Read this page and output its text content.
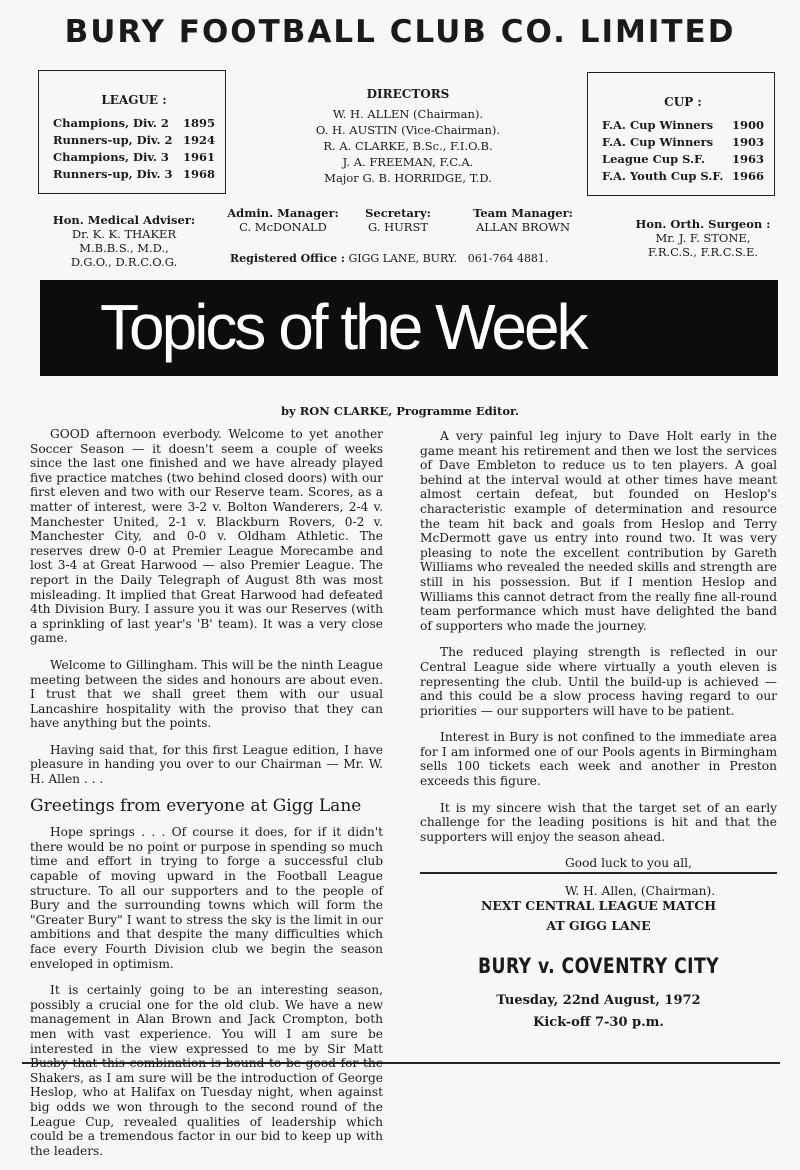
BURY FOOTBALL CLUB CO. LIMITED
LEAGUE :
Champions, Div. 2 1895
Runners-up, Div. 2 1924
Champions, Div. 3 1961
Runners-up, Div. 3 1968
DIRECTORS
W. H. ALLEN (Chairman).
O. H. AUSTIN (Vice-Chairman).
R. A. CLARKE, B.Sc., F.I.O.B.
J. A. FREEMAN, F.C.A.
Major G. B. HORRIDGE, T.D.
CUP :
F.A. Cup Winners 1900
F.A. Cup Winners 1903
League Cup S.F. 1963
F.A. Youth Cup S.F. 1966
Hon. Medical Adviser:
Dr. K. K. THAKER
M.B.B.S., M.D.,
D.G.O., D.R.C.O.G.
Admin. Manager:
C. McDONALD
Secretary:
G. HURST
Team Manager:
ALLAN BROWN	Hon. Orth. Surgeon :
Mr. J. F. STONE,
F.R.C.S., F.R.C.S.E.
Registered Office : GIGG LANE, BURY. 061-764 4881.
Topics of the Week
by RON CLARKE, Programme Editor.

GOOD afternoon everbody. Welcome to yet another Soccer Season — it doesn't seem a couple of weeks since the last one finished and we have already played five practice matches (two behind closed doors) with our first eleven and two with our Reserve team. Scores, as a matter of interest, were 3-2 v. Bolton Wanderers, 2-4 v. Manchester United, 2-1 v. Blackburn Rovers, 0-2 v. Manchester City, and 0-0 v. Oldham Athletic. The reserves drew 0-0 at Premier League Morecambe and lost 3-4 at Great Harwood — also Premier League. The report in the Daily Telegraph of August 8th was most misleading. It implied that Great Harwood had defeated 4th Division Bury. I assure you it was our Reserves (with a sprinkling of last year's 'B' team). It was a very close game.

Welcome to Gillingham. This will be the ninth League meeting between the sides and honours are about even. I trust that we shall greet them with our usual Lancashire hospitality with the proviso that they can have anything but the points.

Having said that, for this first League edition, I have pleasure in handing you over to our Chairman — Mr. W. H. Allen . . .

Greetings from everyone at Gigg Lane

Hope springs . . . Of course it does, for if it didn't there would be no point or purpose in spending so much time and effort in trying to forge a successful club capable of moving upward in the Football League structure. To all our supporters and to the people of Bury and the surrounding towns which will form the "Greater Bury" I want to stress the sky is the limit in our ambitions and that despite the many difficulties which face every Fourth Division club we begin the season enveloped in optimism.

It is certainly going to be an interesting season, possibly a crucial one for the old club. We have a new management in Alan Brown and Jack Crompton, both men with vast experience. You will I am sure be interested in the view expressed to me by Sir Matt Shakers, as I am sure will be the introduction of George Heslop, who at Halifax on Tuesday night, when against big odds we won through to the second round of the League Cup, revealed qualities of leadership which could be a tremendous factor in our bid to keep up with the leaders.

A very painful leg injury to Dave Holt early in the game meant his retirement and then we lost the services of Dave Embleton to reduce us to ten players. A goal behind at the interval would at other times have meant almost certain defeat, but founded on Heslop's characteristic example of determination and resource the team hit back and goals from Heslop and Terry McDermott gave us entry into round two. It was very pleasing to note the excellent contribution by Gareth Williams who revealed the needed skills and strength are still in his possession. But if I mention Heslop and Williams this cannot detract from the really fine all-round team performance which must have delighted the band of supporters who made the journey.

The reduced playing strength is reflected in our Central League side where virtually a youth eleven is representing the club. Until the build-up is achieved — and this could be a slow process having regard to our priorities — our supporters will have to be patient.

Interest in Bury is not confined to the immediate area for I am informed one of our Pools agents in Birmingham sells 100 tickets each week and another in Preston exceeds this figure.

It is my sincere wish that the target set of an early challenge for the leading positions is hit and that the supporters will enjoy the season ahead.

Good luck to you all,
W. H. Allen, (Chairman).
NEXT CENTRAL LEAGUE MATCH
AT GIGG LANE
BURY v. COVENTRY CITY
Tuesday, 22nd August, 1972
Kick-off 7-30 p.m.
